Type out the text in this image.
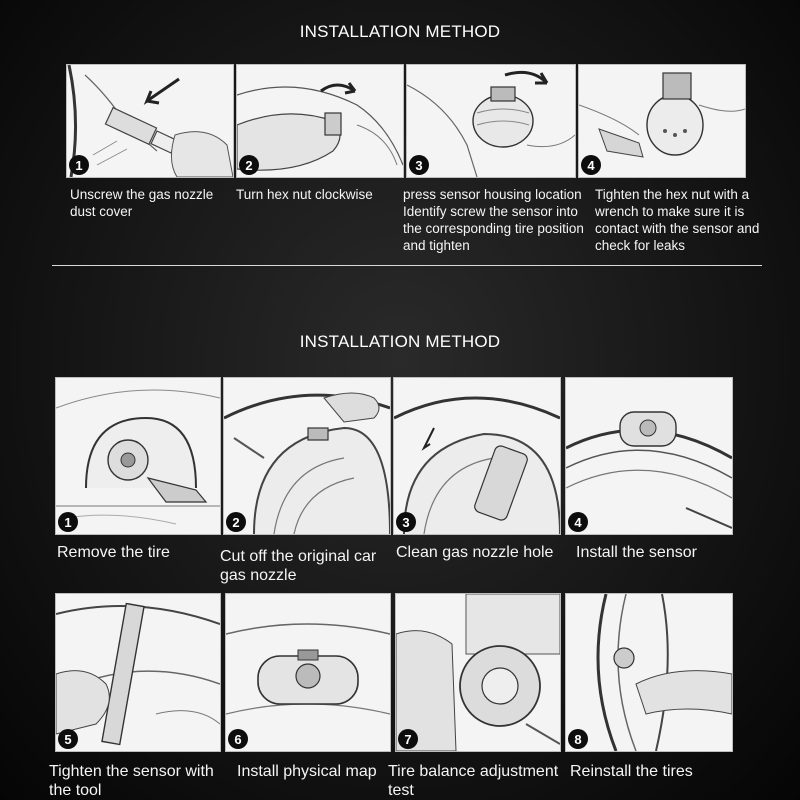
INSTALLATION METHOD
1	2	3	4
Unscrew the gas nozzle dust cover
Turn hex nut clockwise	press sensor housing location Identify screw the sensor into the corresponding tire position and tighten
Tighten the hex nut with a wrench to make sure it is contact with the sensor and check for leaks
INSTALLATION METHOD
1	2	3	4
Remove the tire	Cut off the original car gas nozzle
Clean gas nozzle hole	Install the sensor
5	6	7	8
Tighten the sensor with the tool
Install physical map Tire balance adjustment test
Reinstall the tires
